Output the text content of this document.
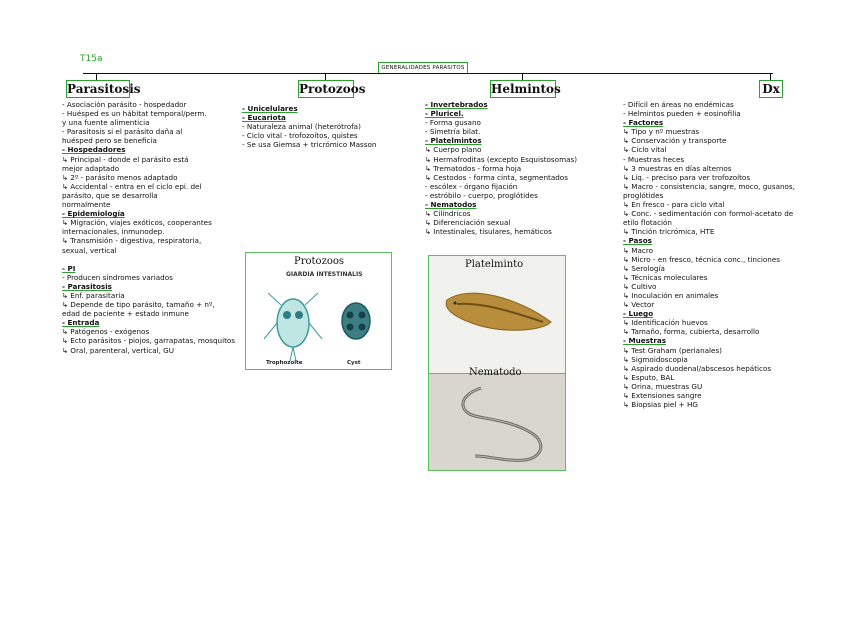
T15a
GENERALIDADES PARASITOS
Parasitosis	Protozoos	Helmintos	Dx
- Asociación parásito - hospedador
- Huésped es un hábitat temporal/perm.
y una fuente alimenticia
- Parasitosis si el parásito daña al
huésped pero se beneficia
- Hospedadores
↳ Principal - donde el parásito está
mejor adaptado
↳ 2º - parásito menos adaptado
↳ Accidental - entra en el ciclo epi. del
parásito, que se desarrolla
normalmente
- Epidemiología
↳ Migración, viajes exóticos, cooperantes
internacionales, inmunodep.
↳ Transmisión - digestiva, respiratoria,
sexual, vertical

- PI
- Producen síndromes variados
- Parasitosis
↳ Enf. parasitaria
↳ Depende de tipo parásito, tamaño + nº,
edad de paciente + estado inmune
- Entrada
↳ Patógenos - exógenos
↳ Ecto parásitos - piojos, garrapatas, mosquitos
↳ Oral, parenteral, vertical, GU
- Unicelulares
- Eucariota
- Naturaleza animal (heterótrofa)
- Ciclo vital - trofozoítos, quistes
- Se usa Giemsa + tricrómico Masson
- Invertebrados
- Pluricel.
- Forma gusano
- Simetría bilat.
- Platelmintos
↳ Cuerpo plano
↳ Hermafroditas (excepto Esquistosomas)
↳ Trematodos - forma hoja
↳ Cestodos - forma cinta, segmentados
- escólex - órgano fijación
- estróbilo - cuerpo, proglótides
- Nematodos
↳ Cilíndricos
↳ Diferenciación sexual
↳ Intestinales, tisulares, hemáticos
- Difícil en áreas no endémicas
- Helmintos pueden + eosinofilia
- Factores
↳ Tipo y nº muestras
↳ Conservación y transporte
↳ Ciclo vital
- Muestras heces
↳ 3 muestras en días alternos
↳ Líq. - preciso para ver trofozoítos
↳ Macro - consistencia, sangre, moco, gusanos,
proglótides
↳ En fresco - para ciclo vital
↳ Conc. - sedimentación con formol-acetato de
etilo flotación
↳ Tinción tricrómica, HTE
- Pasos
↳ Macro
↳ Micro - en fresco, técnica conc., tinciones
↳ Serología
↳ Técnicas moleculares
↳ Cultivo
↳ Inoculación en animales
↳ Vector
- Luego
↳ Identificación huevos
↳ Tamaño, forma, cubierta, desarrollo
- Muestras
↳ Test Graham (perianales)
↳ Sigmoidoscopia
↳ Aspirado duodenal/abscesos hepáticos
↳ Esputo, BAL
↳ Orina, muestras GU
↳ Extensiones sangre
↳ Biopsias piel + HG
Protozoos
GIARDIA INTESTINALIS
Trophozoite	Cyst
Platelminto
Nematodo
